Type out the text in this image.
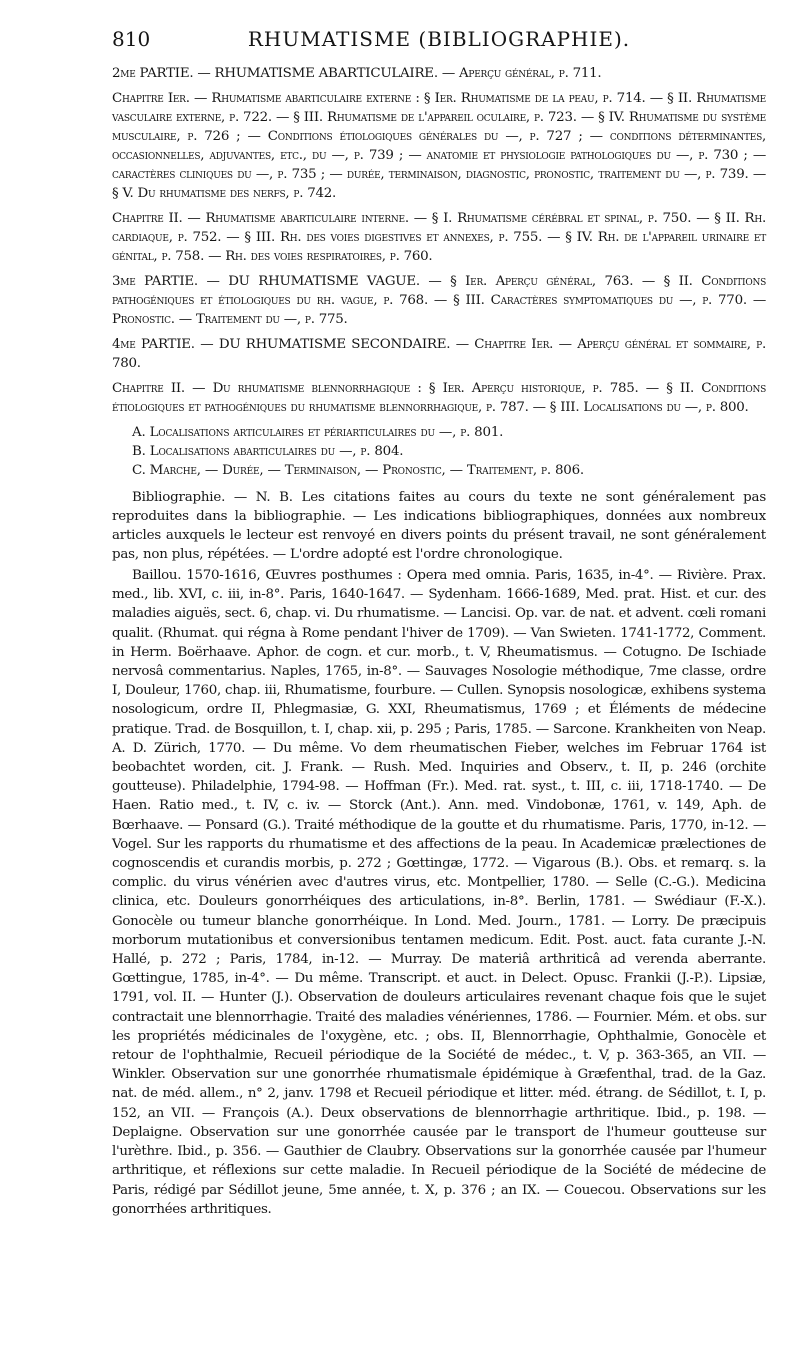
810	RHUMATISME (BIBLIOGRAPHIE).

2me PARTIE. — RHUMATISME ABARTICULAIRE. — Aperçu général, p. 711.

Chapitre Ier. — Rhumatisme abarticulaire externe : § Ier. Rhumatisme de la peau, p. 714. — § II. Rhumatisme vasculaire externe, p. 722. — § III. Rhumatisme de l'appareil oculaire, p. 723. — § IV. Rhumatisme du système musculaire, p. 726 ; — Conditions étiologiques générales du —, p. 727 ; — conditions déterminantes, occasionnelles, adjuvantes, etc., du —, p. 739 ; — anatomie et physiologie pathologiques du —, p. 730 ; — caractères cliniques du —, p. 735 ; — durée, terminaison, diagnostic, pronostic, traitement du —, p. 739. — § V. Du rhumatisme des nerfs, p. 742.

Chapitre II. — Rhumatisme abarticulaire interne. — § I. Rhumatisme cérébral et spinal, p. 750. — § II. Rh. cardiaque, p. 752. — § III. Rh. des voies digestives et annexes, p. 755. — § IV. Rh. de l'appareil urinaire et génital, p. 758. — Rh. des voies respiratoires, p. 760.

3me PARTIE. — DU RHUMATISME VAGUE. — § Ier. Aperçu général, 763. — § II. Conditions pathogéniques et étiologiques du rh. vague, p. 768. — § III. Caractères symptomatiques du —, p. 770. — Pronostic. — Traitement du —, p. 775.

4me PARTIE. — DU RHUMATISME SECONDAIRE. — Chapitre Ier. — Aperçu général et sommaire, p. 780.

Chapitre II. — Du rhumatisme blennorrhagique : § Ier. Aperçu historique, p. 785. — § II. Conditions étiologiques et pathogéniques du rhumatisme blennorrhagique, p. 787. — § III. Localisations du —, p. 800.

A. Localisations articulaires et périarticulaires du —, p. 801.

B. Localisations abarticulaires du —, p. 804.

C. Marche, — Durée, — Terminaison, — Pronostic, — Traitement, p. 806.

Bibliographie. — N. B. Les citations faites au cours du texte ne sont généralement pas reproduites dans la bibliographie. — Les indications bibliographiques, données aux nombreux articles auxquels le lecteur est renvoyé en divers points du présent travail, ne sont généralement pas, non plus, répétées. — L'ordre adopté est l'ordre chronologique.

Baillou. 1570-1616, Œuvres posthumes : Opera med omnia. Paris, 1635, in-4°. — Rivière. Prax. med., lib. XVI, c. iii, in-8°. Paris, 1640-1647. — Sydenham. 1666-1689, Med. prat. Hist. et cur. des maladies aiguës, sect. 6, chap. vi. Du rhumatisme. — Lancisi. Op. var. de nat. et advent. cœli romani qualit. (Rhumat. qui régna à Rome pendant l'hiver de 1709). — Van Swieten. 1741-1772, Comment. in Herm. Boërhaave. Aphor. de cogn. et cur. morb., t. V, Rheumatismus. — Cotugno. De Ischiade nervosâ commentarius. Naples, 1765, in-8°. — Sauvages Nosologie méthodique, 7me classe, ordre I, Douleur, 1760, chap. iii, Rhumatisme, fourbure. — Cullen. Synopsis nosologicæ, exhibens systema nosologicum, ordre II, Phlegmasiæ, G. XXI, Rheumatismus, 1769 ; et Éléments de médecine pratique. Trad. de Bosquillon, t. I, chap. xii, p. 295 ; Paris, 1785. — Sarcone. Krankheiten von Neap. A. D. Zürich, 1770. — Du même. Vo dem rheumatischen Fieber, welches im Februar 1764 ist beobachtet worden, cit. J. Frank. — Rush. Med. Inquiries and Observ., t. II, p. 246 (orchite goutteuse). Philadelphie, 1794-98. — Hoffman (Fr.). Med. rat. syst., t. III, c. iii, 1718-1740. — De Haen. Ratio med., t. IV, c. iv. — Storck (Ant.). Ann. med. Vindobonæ, 1761, v. 149, Aph. de Bœrhaave. — Ponsard (G.). Traité méthodique de la goutte et du rhumatisme. Paris, 1770, in-12. — Vogel. Sur les rapports du rhumatisme et des affections de la peau. In Academicæ prælectiones de cognoscendis et curandis morbis, p. 272 ; Gœttingæ, 1772. — Vigarous (B.). Obs. et remarq. s. la complic. du virus vénérien avec d'autres virus, etc. Montpellier, 1780. — Selle (C.-G.). Medicina clinica, etc. Douleurs gonorrhéiques des articulations, in-8°. Berlin, 1781. — Swédiaur (F.-X.). Gonocèle ou tumeur blanche gonorrhéique. In Lond. Med. Journ., 1781. — Lorry. De præcipuis morborum mutationibus et conversionibus tentamen medicum. Edit. Post. auct. fata curante J.-N. Hallé, p. 272 ; Paris, 1784, in-12. — Murray. De materiâ arthriticâ ad verenda aberrante. Gœttingue, 1785, in-4°. — Du même. Transcript. et auct. in Delect. Opusc. Frankii (J.-P.). Lipsiæ, 1791, vol. II. — Hunter (J.). Observation de douleurs articulaires revenant chaque fois que le sujet contractait une blennorrhagie. Traité des maladies vénériennes, 1786. — Fournier. Mém. et obs. sur les propriétés médicinales de l'oxygène, etc. ; obs. II, Blennorrhagie, Ophthalmie, Gonocèle et retour de l'ophthalmie, Recueil périodique de la Société de médec., t. V, p. 363-365, an VII. — Winkler. Observation sur une gonorrhée rhumatismale épidémique à Græfenthal, trad. de la Gaz. nat. de méd. allem., n° 2, janv. 1798 et Recueil périodique et litter. méd. étrang. de Sédillot, t. I, p. 152, an VII. — François (A.). Deux observations de blennorrhagie arthritique. Ibid., p. 198. — Deplaigne. Observation sur une gonorrhée causée par le transport de l'humeur goutteuse sur l'urèthre. Ibid., p. 356. — Gauthier de Claubry. Observations sur la gonorrhée causée par l'humeur arthritique, et réflexions sur cette maladie. In Recueil périodique de la Société de médecine de Paris, rédigé par Sédillot jeune, 5me année, t. X, p. 376 ; an IX. — Couecou. Observations sur les gonorrhées arthritiques.
